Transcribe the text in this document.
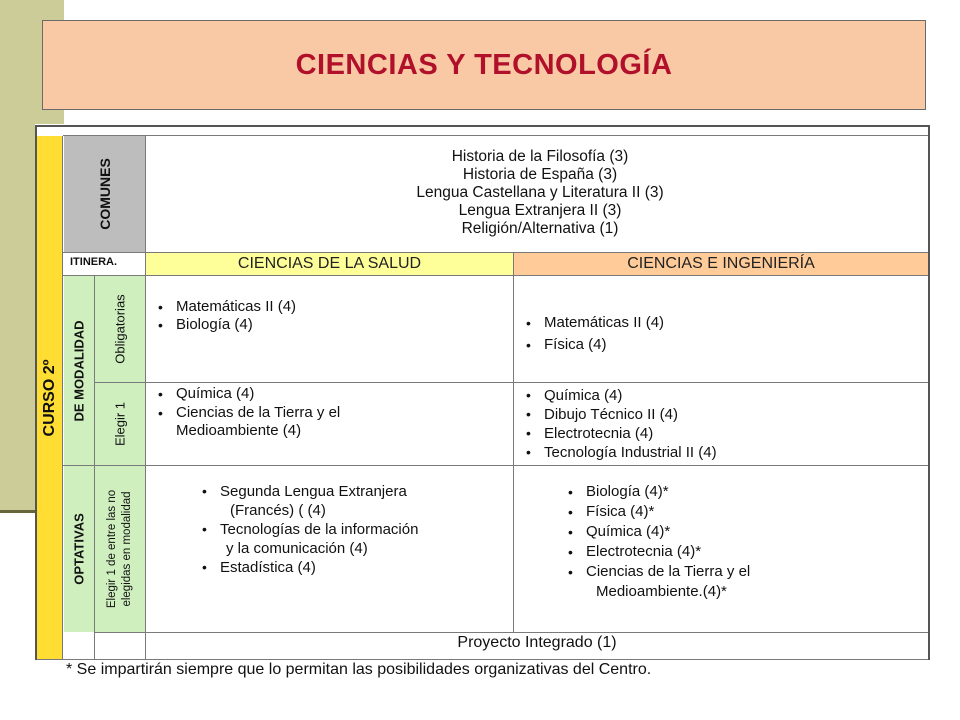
CIENCIAS Y TECNOLOGÍA
CURSO 2º
COMUNES
ITINERA.
DE MODALIDAD Obligatorias
Elegir 1
OPTATIVAS Elegir 1 de entre las no elegidas en modalidad
Historia de la Filosofía (3)
Historia de España (3)
Lengua Castellana y Literatura II (3)
Lengua Extranjera II (3)
Religión/Alternativa (1)
CIENCIAS DE LA SALUD	CIENCIAS E INGENIERÍA
• Matemáticas II (4)
• Biología (4)
•	Matemáticas II (4)
• Física (4)
• Química (4)
• Ciencias de la Tierra y el
Medioambiente (4)
• Química (4)
• Dibujo Técnico II (4)
• Electrotecnia (4)
• Tecnología Industrial II (4)
• Segunda Lengua Extranjera
(Francés) ( (4)
• Tecnologías de la información
y la comunicación (4)
• Estadística (4)
• Biología (4)*
• Física (4)*
• Química (4)*
• Electrotecnia (4)*
• Ciencias de la Tierra y el
Medioambiente.(4)*
Proyecto Integrado (1)
* Se impartirán siempre que lo permitan las posibilidades organizativas del Centro.
